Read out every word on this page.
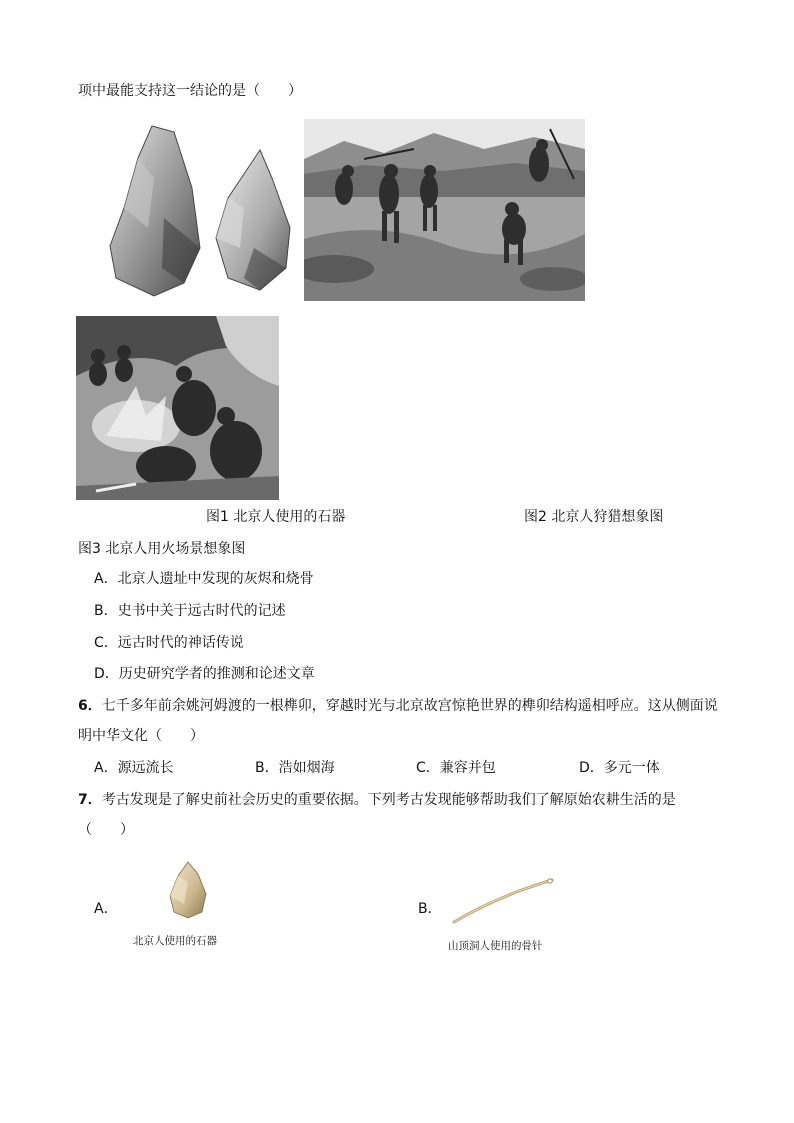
项中最能支持这一结论的是（　　）
图1 北京人使用的石器	图2 北京人狩猎想象图
图3 北京人用火场景想象图
A．北京人遗址中发现的灰烬和烧骨
B．史书中关于远古时代的记述
C．远古时代的神话传说
D．历史研究学者的推测和论述文章
6．七千多年前余姚河姆渡的一根榫卯，穿越时光与北京故宫惊艳世界的榫卯结构遥相呼应。这从侧面说
明中华文化（　　）
A．源远流长	B．浩如烟海	C．兼容并包	D．多元一体
7．考古发现是了解史前社会历史的重要依据。下列考古发现能够帮助我们了解原始农耕生活的是
（　　）
A．
北京人使用的石器
B．
山顶洞人使用的骨针
